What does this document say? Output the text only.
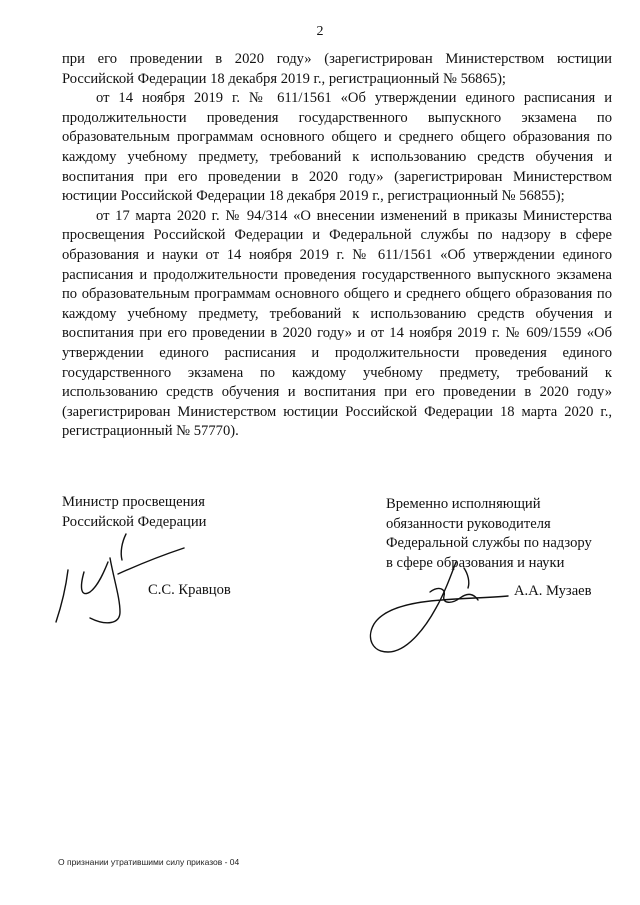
2

при его проведении в 2020 году» (зарегистрирован Министерством юстиции Российской Федерации 18 декабря 2019 г., регистрационный № 56865);

от 14 ноября 2019 г. № 611/1561 «Об утверждении единого расписания и продолжительности проведения государственного выпускного экзамена по образовательным программам основного общего и среднего общего образования по каждому учебному предмету, требований к использованию средств обучения и воспитания при его проведении в 2020 году» (зарегистрирован Министерством юстиции Российской Федерации 18 декабря 2019 г., регистрационный № 56855);

от 17 марта 2020 г. № 94/314 «О внесении изменений в приказы Министерства просвещения Российской Федерации и Федеральной службы по надзору в сфере образования и науки от 14 ноября 2019 г. № 611/1561 «Об утверждении единого расписания и продолжительности проведения государственного выпускного экзамена по образовательным программам основного общего и среднего общего образования по каждому учебному предмету, требований к использованию средств обучения и воспитания при его проведении в 2020 году» и от 14 ноября 2019 г. № 609/1559 «Об утверждении единого расписания и продолжительности проведения единого государственного экзамена по каждому учебному предмету, требований к использованию средств обучения и воспитания при его проведении в 2020 году» (зарегистрирован Министерством юстиции Российской Федерации 18 марта 2020 г., регистрационный № 57770).

Министр просвещения
Российской Федерации
С.С. Кравцов
Временно исполняющий
обязанности руководителя
Федеральной службы по надзору
в сфере образования и науки
А.А. Музаев
О признании утратившими силу приказов - 04
